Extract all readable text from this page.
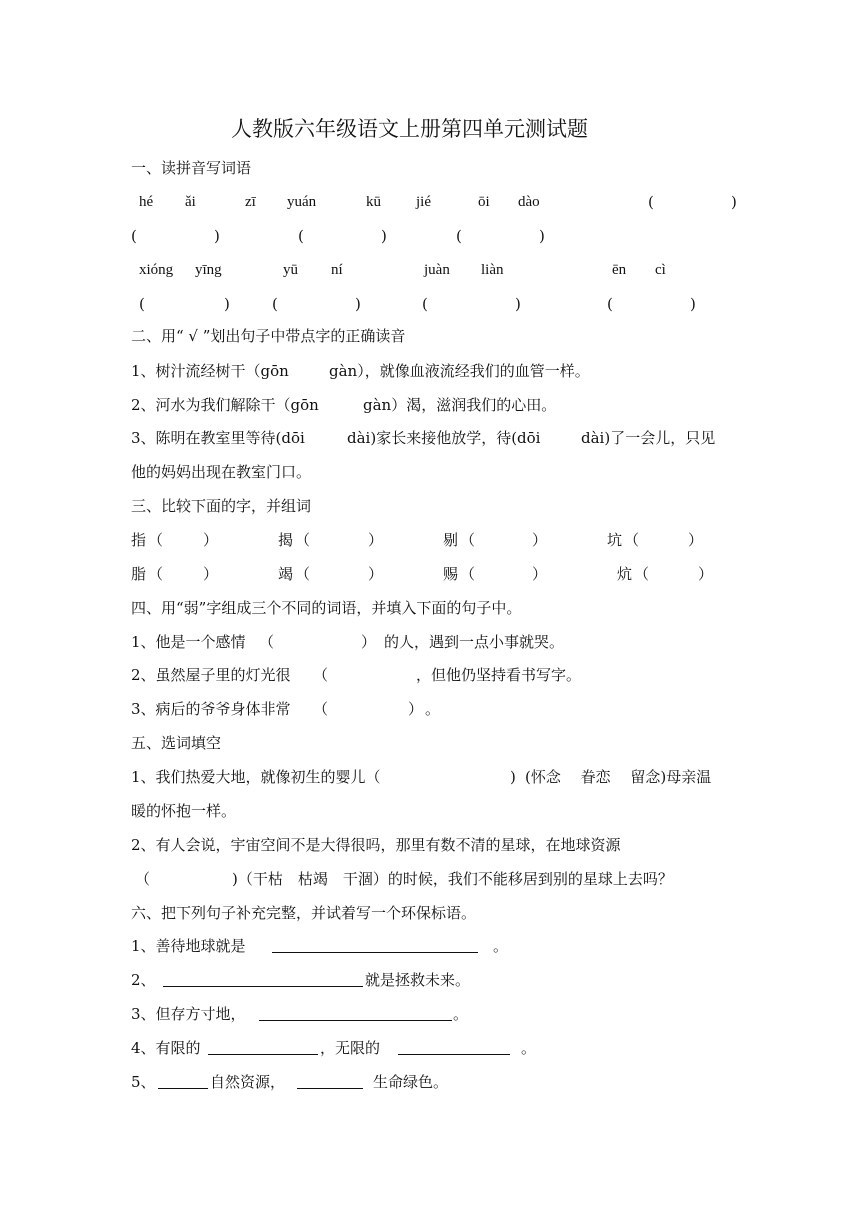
人教版六年级语文上册第四单元测试题
一、读拼音写词语
hé ǎi	zī yuán	kū jié	ōi dào	(	)
(	)	(	)	(	)
xióng yīng	yū ní	juàn liàn	ēn cì
(	)	(	)	(	)	(	)
二、用“ √ ”划出句子中带点字的正确读音
1、树汁流经树干（gōn	gàn），就像血液流经我们的血管一样。
2、河水为我们解除干（gōn	gàn）渴，滋润我们的心田。
3、陈明在教室里等待(dōi	dài)家长来接他放学，待(dōi	dài)了一会儿，只见
他的妈妈出现在教室门口。
三、比较下面的字，并组词
指 （	）	揭 （	）	剔 （	）	坑 （	）
脂 （	）	竭 （	）	赐 （	）	炕 （	）
四、用“弱”字组成三个不同的词语，并填入下面的句子中。
1、他是一个感情 （	） 的人，遇到一点小事就哭。
2、虽然屋子里的灯光很 （	，但他仍坚持看书写字。
3、病后的爷爷身体非常 （	） 。
五、选词填空
1、我们热爱大地，就像初生的婴儿（	) (怀念　 眷恋　 留念)母亲温
暖的怀抱一样。
2、有人会说，宇宙空间不是大得很吗，那里有数不清的星球，在地球资源
（	)（干枯　枯竭　干涸）的时候，我们不能移居到别的星球上去吗？
六、把下列句子补充完整，并试着写一个环保标语。
1、善待地球就是	。
2、	就是拯救未来。
3、但存方寸地，	。
4、有限的	，无限的	。
5、	自然资源，	生命绿色。
